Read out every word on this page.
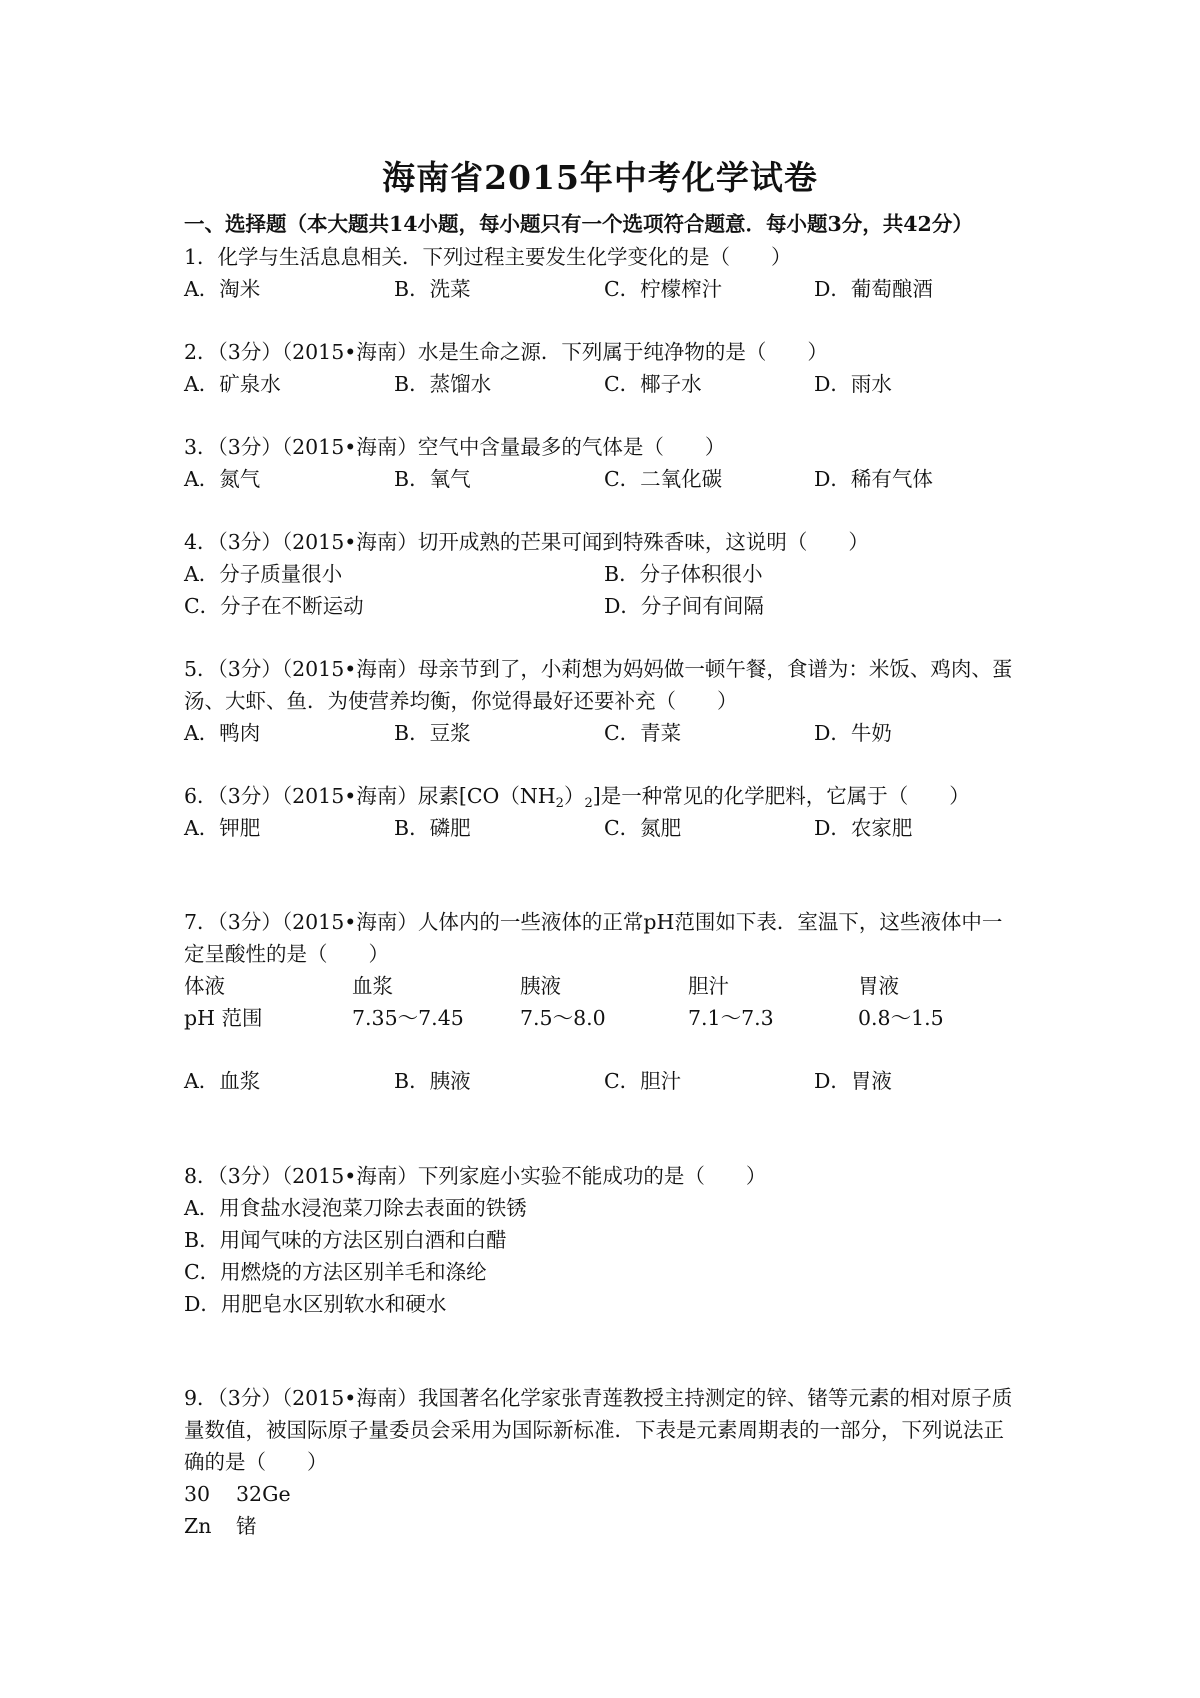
海南省2015年中考化学试卷
一、选择题（本大题共14小题，每小题只有一个选项符合题意．每小题3分，共42分）
1．化学与生活息息相关．下列过程主要发生化学变化的是（　　）
A．淘米	B．洗菜	C．柠檬榨汁	D．葡萄酿酒
2．（3分）（2015•海南）水是生命之源．下列属于纯净物的是（　　）
A．矿泉水	B．蒸馏水	C．椰子水	D．雨水
3．（3分）（2015•海南）空气中含量最多的气体是（　　）
A．氮气	B．氧气	C．二氧化碳	D．稀有气体
4．（3分）（2015•海南）切开成熟的芒果可闻到特殊香味，这说明（　　）
A．分子质量很小	B．分子体积很小
C．分子在不断运动	D．分子间有间隔
5．（3分）（2015•海南）母亲节到了，小莉想为妈妈做一顿午餐，食谱为：米饭、鸡肉、蛋
汤、大虾、鱼．为使营养均衡，你觉得最好还要补充（　　）
A．鸭肉	B．豆浆	C．青菜	D．牛奶
6．（3分）（2015•海南）尿素$[CO(NH_2)_2]$是一种常见的化学肥料，它属于（　　）
A．钾肥	B．磷肥	C．氮肥	D．农家肥
7．（3分）（2015•海南）人体内的一些液体的正常pH范围如下表．室温下，这些液体中一
定呈酸性的是（　　）
体液	血浆	胰液	胆汁	胃液
pH 范围	7.35～7.45	7.5～8.0	7.1～7.3	0.8～1.5
A．血浆	B．胰液	C．胆汁	D．胃液
8．（3分）（2015•海南）下列家庭小实验不能成功的是（　　）
A．用食盐水浸泡菜刀除去表面的铁锈
B．用闻气味的方法区别白酒和白醋
C．用燃烧的方法区别羊毛和涤纶
D．用肥皂水区别软水和硬水
9．（3分）（2015•海南）我国著名化学家张青莲教授主持测定的锌、锗等元素的相对原子质
量数值，被国际原子量委员会采用为国际新标准．下表是元素周期表的一部分，下列说法正
确的是（　　）
30 32Ge
Zn 锗
